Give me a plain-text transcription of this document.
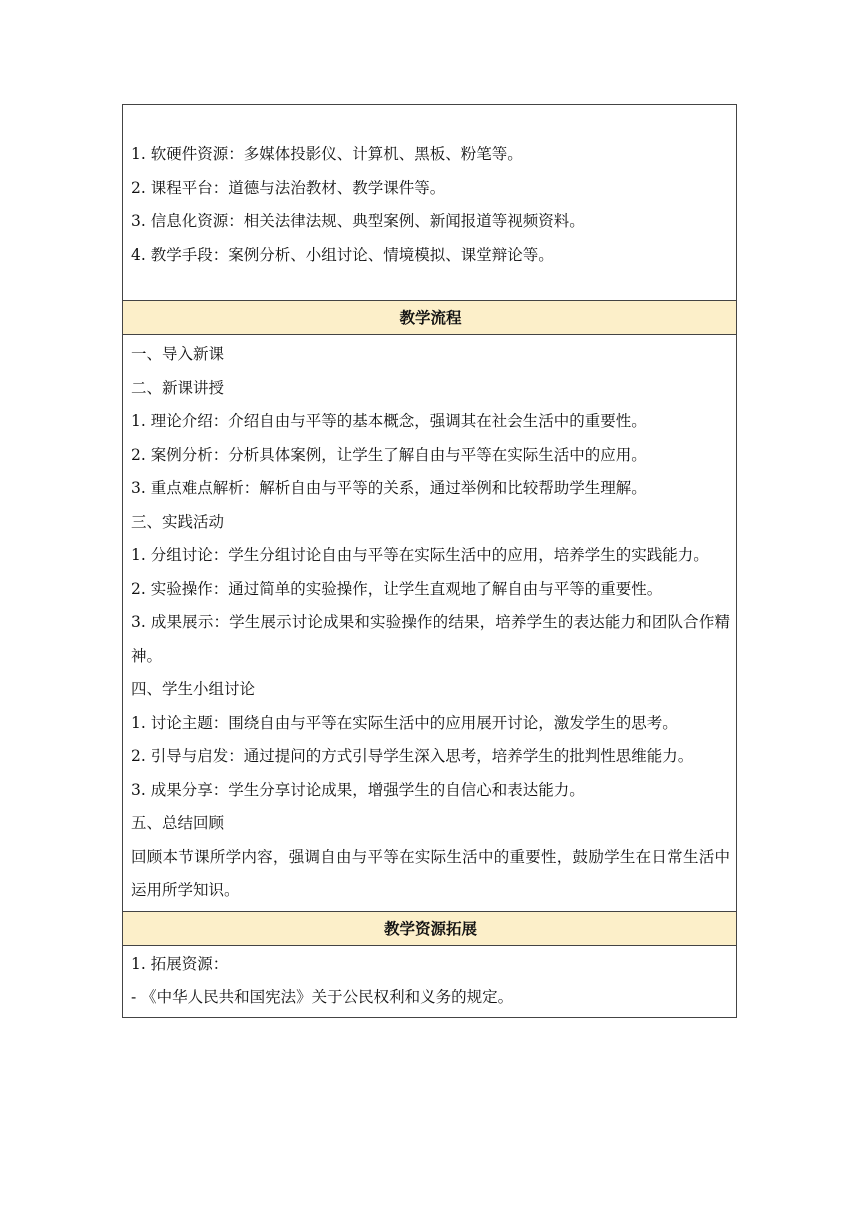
1. 软硬件资源：多媒体投影仪、计算机、黑板、粉笔等。
2. 课程平台：道德与法治教材、教学课件等。
3. 信息化资源：相关法律法规、典型案例、新闻报道等视频资料。
4. 教学手段：案例分析、小组讨论、情境模拟、课堂辩论等。

教学流程

一、导入新课
二、新课讲授
1. 理论介绍：介绍自由与平等的基本概念，强调其在社会生活中的重要性。
2. 案例分析：分析具体案例，让学生了解自由与平等在实际生活中的应用。
3. 重点难点解析：解析自由与平等的关系，通过举例和比较帮助学生理解。
三、实践活动
1. 分组讨论：学生分组讨论自由与平等在实际生活中的应用，培养学生的实践能力。
2. 实验操作：通过简单的实验操作，让学生直观地了解自由与平等的重要性。
3. 成果展示：学生展示讨论成果和实验操作的结果，培养学生的表达能力和团队合作精神。
四、学生小组讨论
1. 讨论主题：围绕自由与平等在实际生活中的应用展开讨论，激发学生的思考。
2. 引导与启发：通过提问的方式引导学生深入思考，培养学生的批判性思维能力。
3. 成果分享：学生分享讨论成果，增强学生的自信心和表达能力。
五、总结回顾
回顾本节课所学内容，强调自由与平等在实际生活中的重要性，鼓励学生在日常生活中运用所学知识。

教学资源拓展

1. 拓展资源：
- 《中华人民共和国宪法》关于公民权利和义务的规定。
